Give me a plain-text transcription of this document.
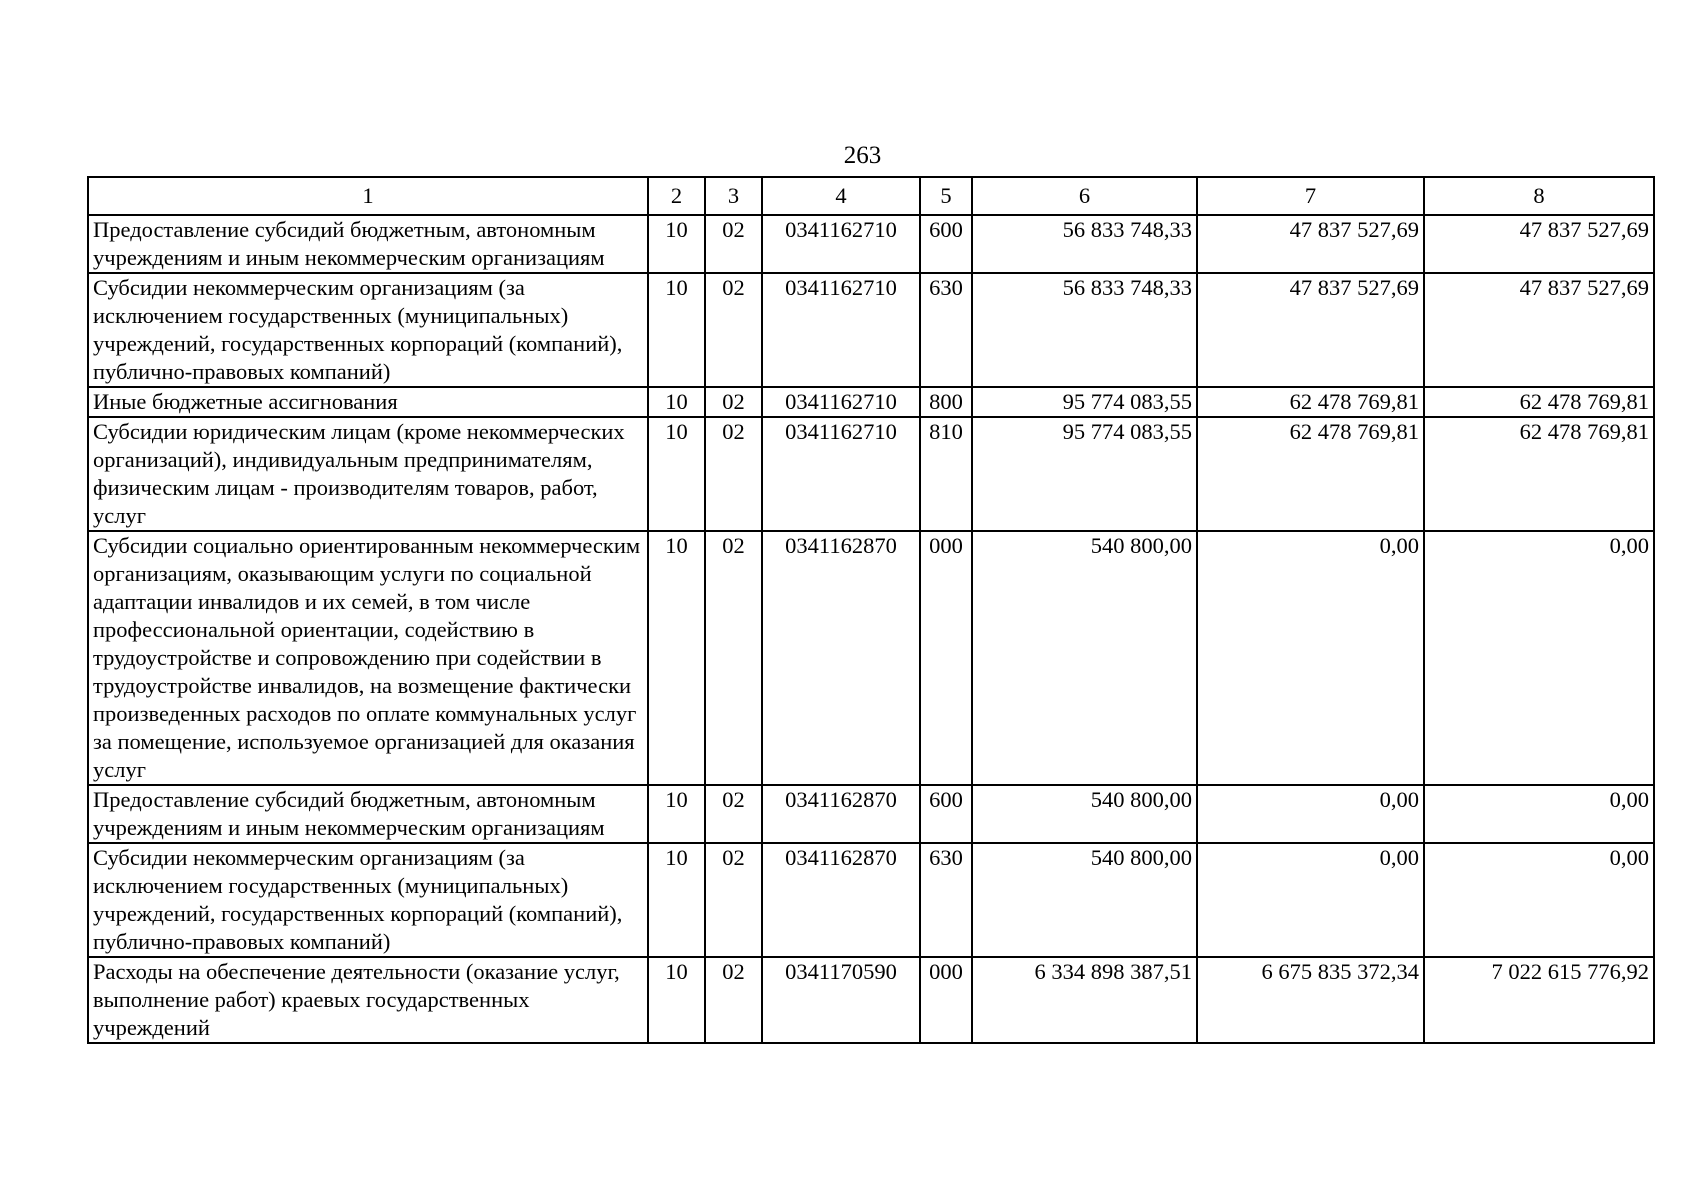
263
1	2	3	4	5	6	7	8
Предоставление субсидий бюджетным, автономным учреждениям и иным некоммерческим организациям	10	02	0341162710	600	56 833 748,33	47 837 527,69	47 837 527,69
Субсидии некоммерческим организациям (за исключением государственных (муниципальных) учреждений, государственных корпораций (компаний), публично-правовых компаний)	10	02	0341162710	630	56 833 748,33	47 837 527,69	47 837 527,69
Иные бюджетные ассигнования	10	02	0341162710	800	95 774 083,55	62 478 769,81	62 478 769,81
Субсидии юридическим лицам (кроме некоммерческих организаций), индивидуальным предпринимателям, физическим лицам - производителям товаров, работ, услуг	10	02	0341162710	810	95 774 083,55	62 478 769,81	62 478 769,81
Субсидии социально ориентированным некоммерческим организациям, оказывающим услуги по социальной адаптации инвалидов и их семей, в том числе профессиональной ориентации, содействию в трудоустройстве и сопровождению при содействии в трудоустройстве инвалидов, на возмещение фактически произведенных расходов по оплате коммунальных услуг за помещение, используемое организацией для оказания услуг	10	02	0341162870	000	540 800,00	0,00	0,00
Предоставление субсидий бюджетным, автономным учреждениям и иным некоммерческим организациям	10	02	0341162870	600	540 800,00	0,00	0,00
Субсидии некоммерческим организациям (за исключением государственных (муниципальных) учреждений, государственных корпораций (компаний), публично-правовых компаний)	10	02	0341162870	630	540 800,00	0,00	0,00
Расходы на обеспечение деятельности (оказание услуг, выполнение работ) краевых государственных учреждений	10	02	0341170590	000	6 334 898 387,51	6 675 835 372,34	7 022 615 776,92
